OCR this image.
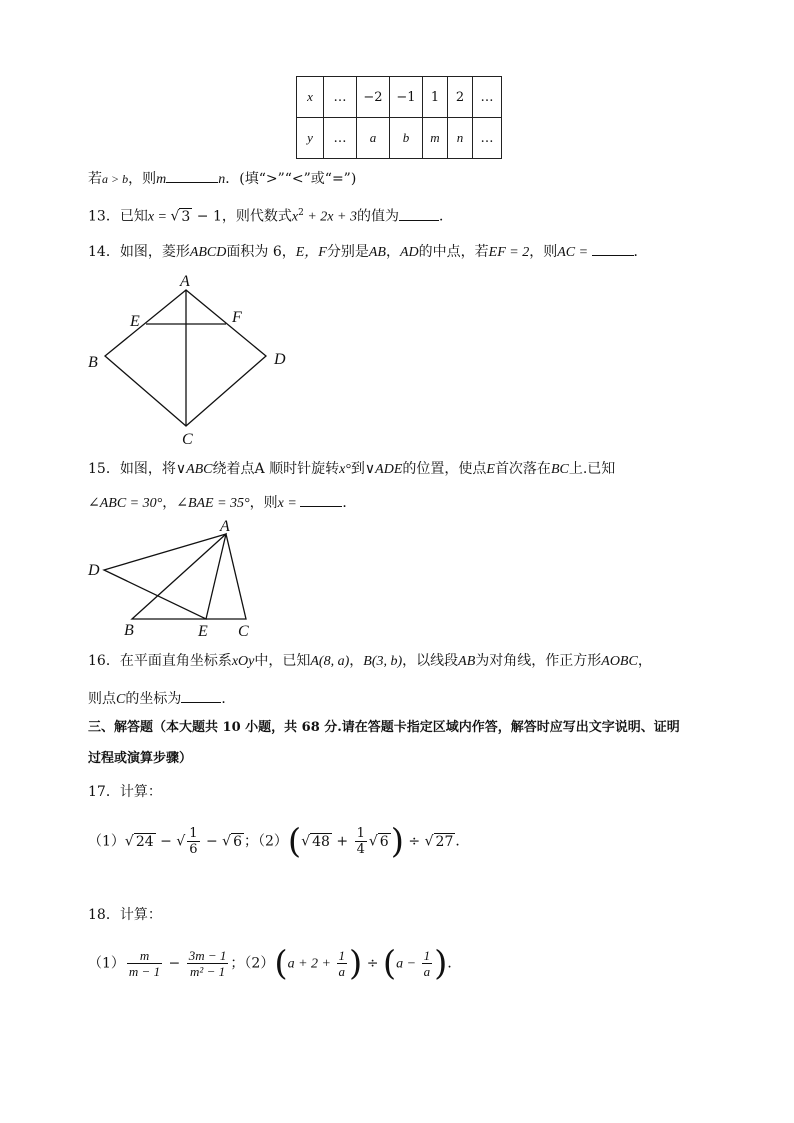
x	…	−2	−1	1	2	…
y	…	a	b	m	n	…
若a > b，则m	n．(填“>”“<”或“=”)
13．已知x = √ 3 − 1，则代数式$x^2 + 2x + 3$的值为	．
14．如图，菱形ABCD面积为 6，E，F分别是AB，AD的中点，若EF = 2，则AC =	．
A
B
C
D
E	F
15．如图，将∨ABC绕着点A 顺时针旋转x°到∨ADE的位置，使点E首次落在BC上.已知
∠ABC = 30°，∠BAE = 35°，则x =	．
A
D
B	E C
16．在平面直角坐标系xOy中，已知A(8, a)，B(3, b)，以线段AB为对角线，作正方形AOBC，
则点C的坐标为	．
三、解答题（本大题共 10 小题，共 68 分.请在答题卡指定区域内作答，解答时应写出文字说明、证明
过程或演算步骤）
17．计算：
（1）√ 24 − √ $\frac{1}{6}$ − √ 6 ；（2）(√ $48 + \frac{1}{4}$ √ 6) ÷ √ 27 ．
18．计算：
$(1) \frac{m}{m - 1} - \frac{3m - 1}{\text{m² − 1}}$ ；$(2)(a + 2 + \frac{1}{a}$ ) ÷ ($a - \frac{1}{a}$ )．
